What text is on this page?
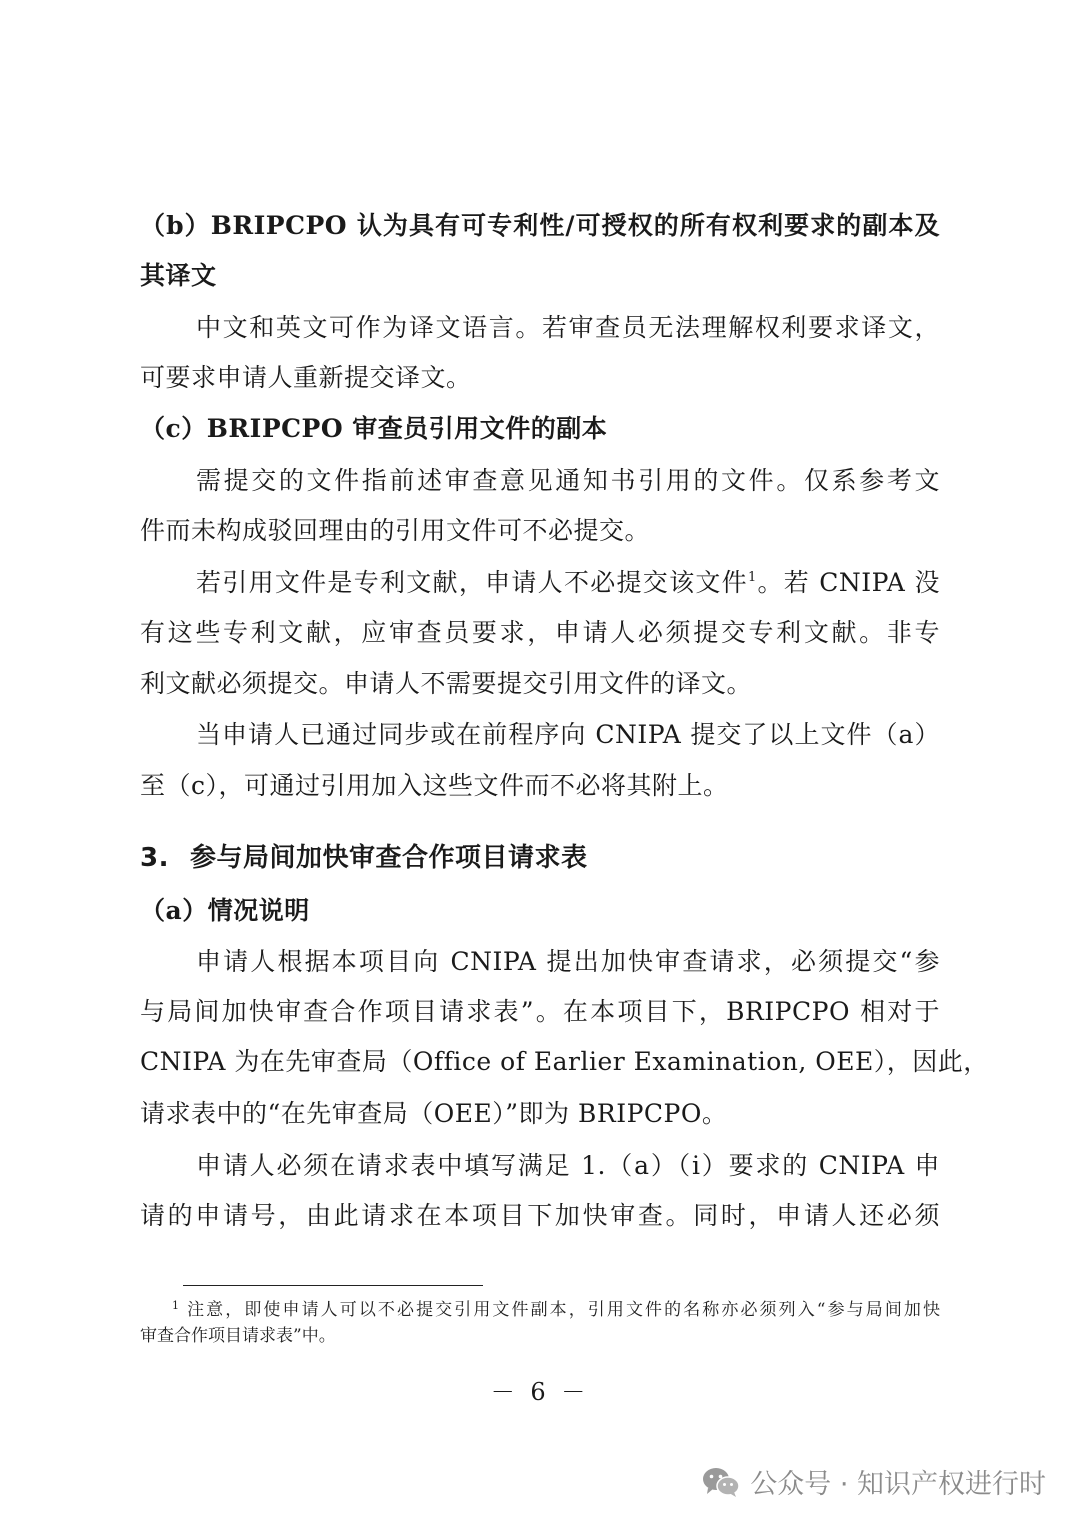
（b）BRIPCPO 认为具有可专利性/可授权的所有权利要求的副本及
其译文
中文和英文可作为译文语言。若审查员无法理解权利要求译文，
可要求申请人重新提交译文。
（c）BRIPCPO 审查员引用文件的副本
需提交的文件指前述审查意见通知书引用的文件。仅系参考文
件而未构成驳回理由的引用文件可不必提交。
若引用文件是专利文献，申请人不必提交该文件$^1$。若 CNIPA 没
有这些专利文献，应审查员要求，申请人必须提交专利文献。非专
利文献必须提交。申请人不需要提交引用文件的译文。
当申请人已通过同步或在前程序向 CNIPA 提交了以上文件（a）
至（c），可通过引用加入这些文件而不必将其附上。
3. 参与局间加快审查合作项目请求表
（a）情况说明
申请人根据本项目向 CNIPA 提出加快审查请求，必须提交“参
与局间加快审查合作项目请求表”。在本项目下，BRIPCPO 相对于
CNIPA 为在先审查局（Office of Earlier Examination, OEE），因此，
请求表中的“在先审查局（OEE）”即为 BRIPCPO。
申请人必须在请求表中填写满足 1.（a）（i）要求的 CNIPA 申
请的申请号，由此请求在本项目下加快审查。同时，申请人还必须
$^1$ 注意，即使申请人可以不必提交引用文件副本，引用文件的名称亦必须列入“参与局间加快
审查合作项目请求表”中。
－ 6 －
公众号 · 知识产权进行时
